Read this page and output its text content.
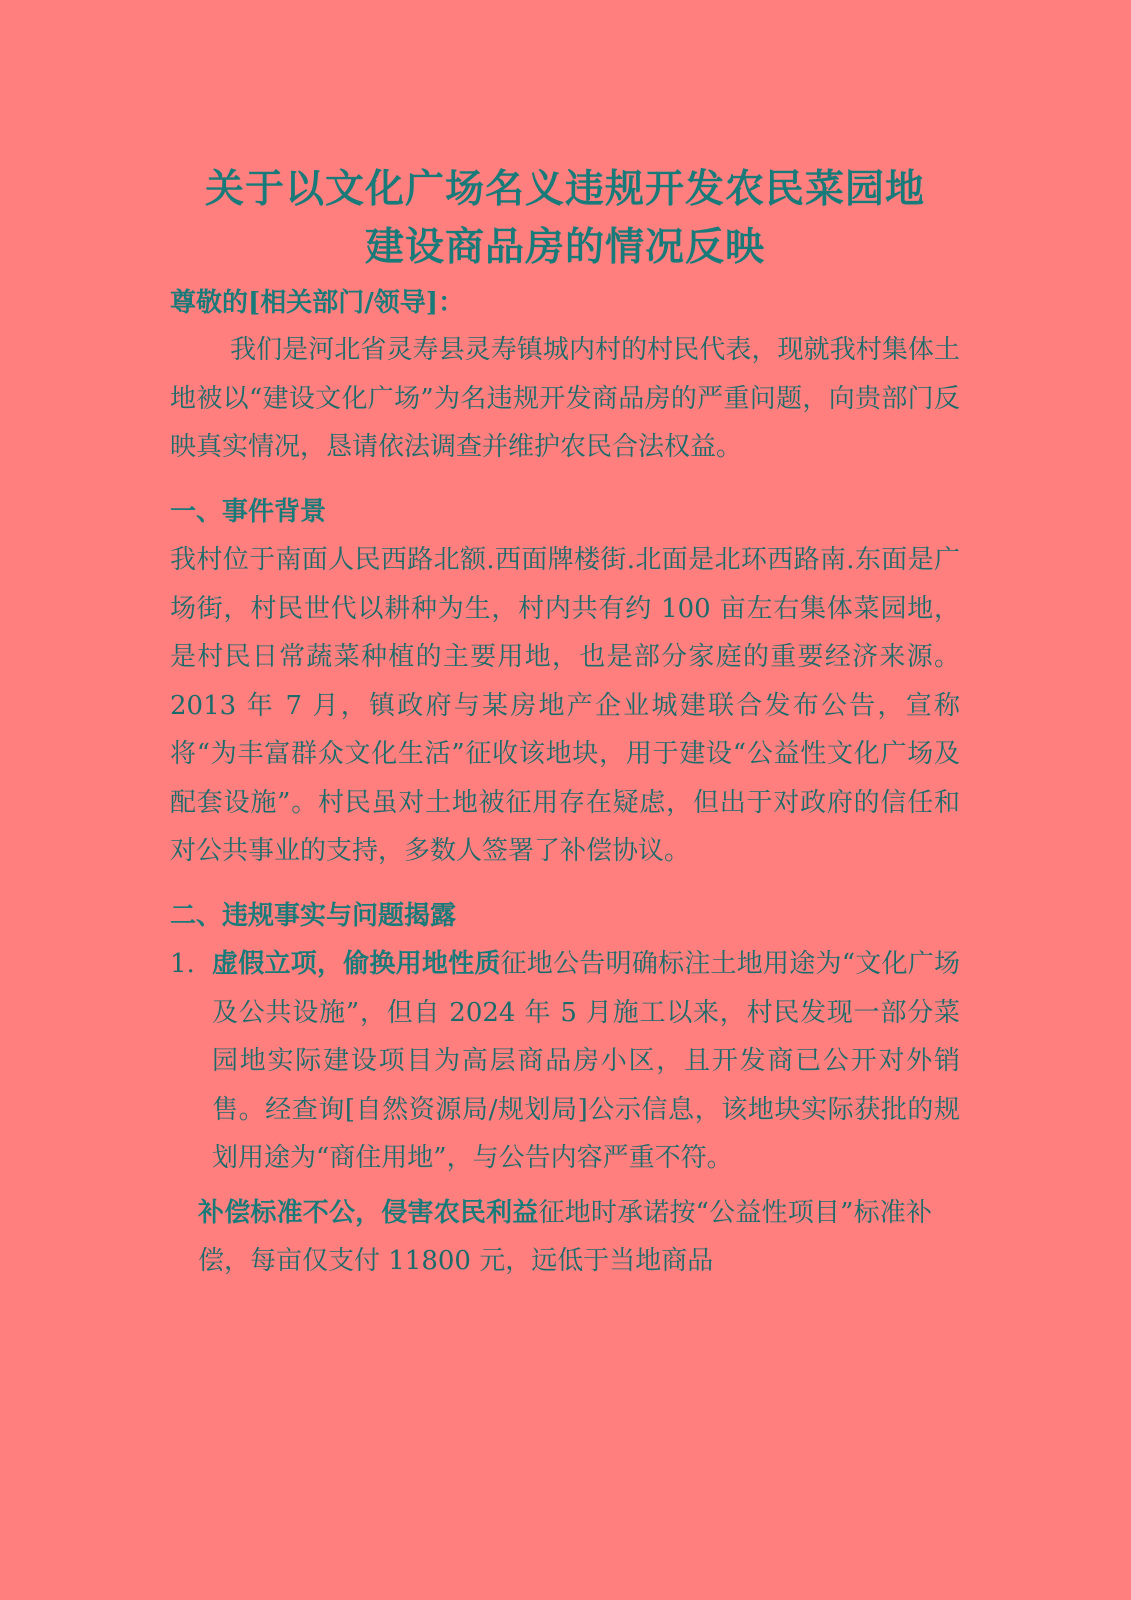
关于以文化广场名义违规开发农民菜园地
建设商品房的情况反映

尊敬的[相关部门/领导]：

我们是河北省灵寿县灵寿镇城内村的村民代表，现就我村集体土地被以“建设文化广场”为名违规开发商品房的严重问题，向贵部门反映真实情况，恳请依法调查并维护农民合法权益。

一、事件背景

我村位于南面人民西路北额.西面牌楼街.北面是北环西路南.东面是广场街，村民世代以耕种为生，村内共有约 100 亩左右集体菜园地，是村民日常蔬菜种植的主要用地，也是部分家庭的重要经济来源。2013 年 7 月，镇政府与某房地产企业城建联合发布公告，宣称将“为丰富群众文化生活”征收该地块，用于建设“公益性文化广场及配套设施”。村民虽对土地被征用存在疑虑，但出于对政府的信任和对公共事业的支持，多数人签署了补偿协议。

二、违规事实与问题揭露

1. 虚假立项，偷换用地性质征地公告明确标注土地用途为“文化广场及公共设施”，但自 2024 年 5 月施工以来，村民发现一部分菜园地实际建设项目为高层商品房小区，且开发商已公开对外销售。经查询[自然资源局/规划局]公示信息，该地块实际获批的规划用途为“商住用地”，与公告内容严重不符。
补偿标准不公，侵害农民利益征地时承诺按“公益性项目”标准补偿，每亩仅支付 11800 元，远低于当地商品
